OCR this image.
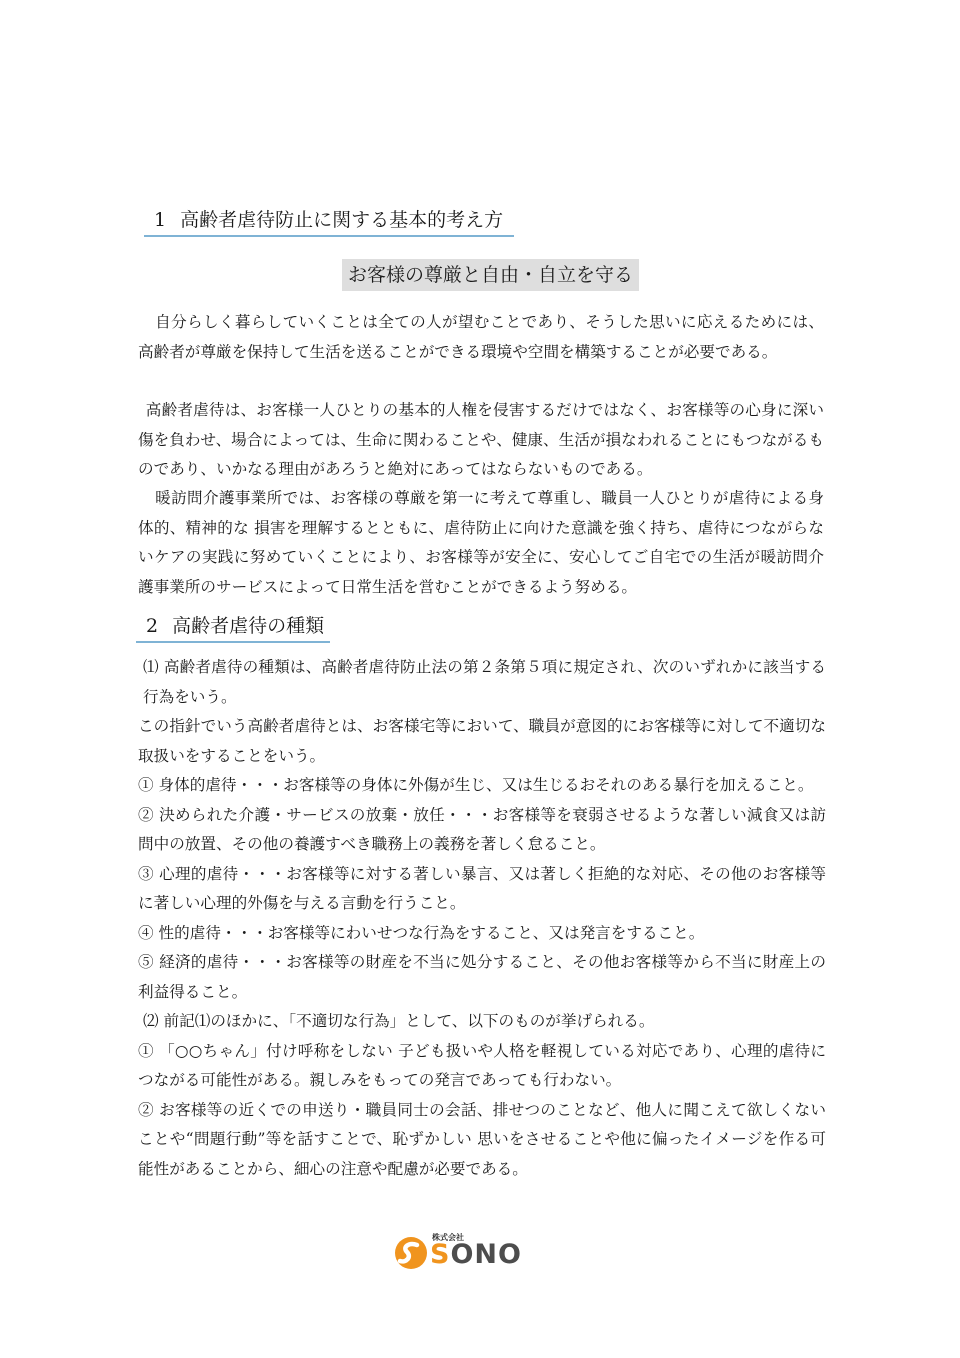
1 高齢者虐待防止に関する基本的考え方
お客様の尊厳と自由・自立を守る

自分らしく暮らしていくことは全ての人が望むことであり、そうした思いに応えるためには、高齢者が尊厳を保持して生活を送ることができる環境や空間を構築することが必要である。

高齢者虐待は、お客様一人ひとりの基本的人権を侵害するだけではなく、お客様等の心身に深い傷を負わせ、場合によっては、生命に関わることや、健康、生活が損なわれることにもつながるものであり、いかなる理由があろうと絶対にあってはならないものである。

暖訪問介護事業所では、お客様の尊厳を第一に考えて尊重し、職員一人ひとりが虐待による身体的、精神的な 損害を理解するとともに、虐待防止に向けた意識を強く持ち、虐待につながらないケアの実践に努めていくことにより、お客様等が安全に、安心してご自宅での生活が暖訪問介護事業所のサービスによって日常生活を営むことができるよう努める。

2 高齢者虐待の種類

⑴ 高齢者虐待の種類は、高齢者虐待防止法の第２条第５項に規定され、次のいずれかに該当する行為をいう。

この指針でいう高齢者虐待とは、お客様宅等において、職員が意図的にお客様等に対して不適切な取扱いをすることをいう。

① 身体的虐待・・・お客様等の身体に外傷が生じ、又は生じるおそれのある暴行を加えること。

② 決められた介護・サービスの放棄・放任・・・お客様等を衰弱させるような著しい減食又は訪問中の放置、その他の養護すべき職務上の義務を著しく怠ること。

③ 心理的虐待・・・お客様等に対する著しい暴言、又は著しく拒絶的な対応、その他のお客様等に著しい心理的外傷を与える言動を行うこと。

④ 性的虐待・・・お客様等にわいせつな行為をすること、又は発言をすること。

⑤ 経済的虐待・・・お客様等の財産を不当に処分すること、その他お客様等から不当に財産上の利益得ること。

⑵ 前記⑴のほかに、「不適切な行為」として、以下のものが挙げられる。

① 「○○ちゃん」付け呼称をしない 子ども扱いや人格を軽視している対応であり、心理的虐待につながる可能性がある。親しみをもっての発言であっても行わない。

② お客様等の近くでの申送り・職員同士の会話、排せつのことなど、他人に聞こえて欲しくないことや“問題行動”等を話すことで、恥ずかしい 思いをさせることや他に偏ったイメージを作る可能性があることから、細心の注意や配慮が必要である。

株式会社
SONO
